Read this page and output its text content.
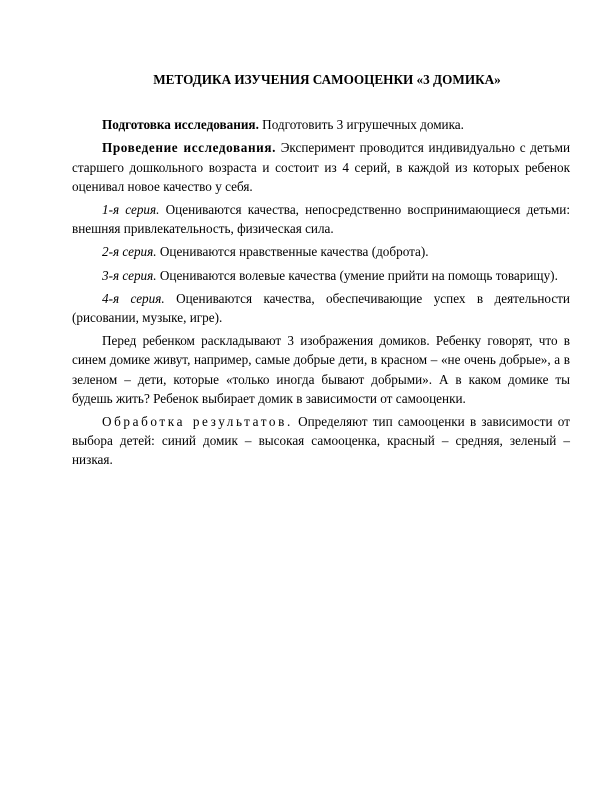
МЕТОДИКА ИЗУЧЕНИЯ САМООЦЕНКИ «3 ДОМИКА»

Подготовка исследования. Подготовить 3 игрушечных домика.

Проведение исследования. Эксперимент проводится индивидуально с детьми старшего дошкольного возраста и состоит из 4 серий, в каждой из которых ребенок оценивал новое качество у себя.

1-я серия. Оцениваются качества, непосредственно воспринимающиеся детьми: внешняя привлекательность, физическая сила.

2-я серия. Оцениваются нравственные качества (доброта).

3-я серия. Оцениваются волевые качества (умение прийти на помощь товарищу).

4-я серия. Оцениваются качества, обеспечивающие успех в деятельности (рисовании, музыке, игре).

Перед ребенком раскладывают 3 изображения домиков. Ребенку говорят, что в синем домике живут, например, самые добрые дети, в красном – «не очень добрые», а в зеленом – дети, которые «только иногда бывают добрыми». А в каком домике ты будешь жить? Ребенок выбирает домик в зависимости от самооценки.

Обработка результатов. Определяют тип самооценки в зависимости от выбора детей: синий домик – высокая самооценка, красный – средняя, зеленый – низкая.
